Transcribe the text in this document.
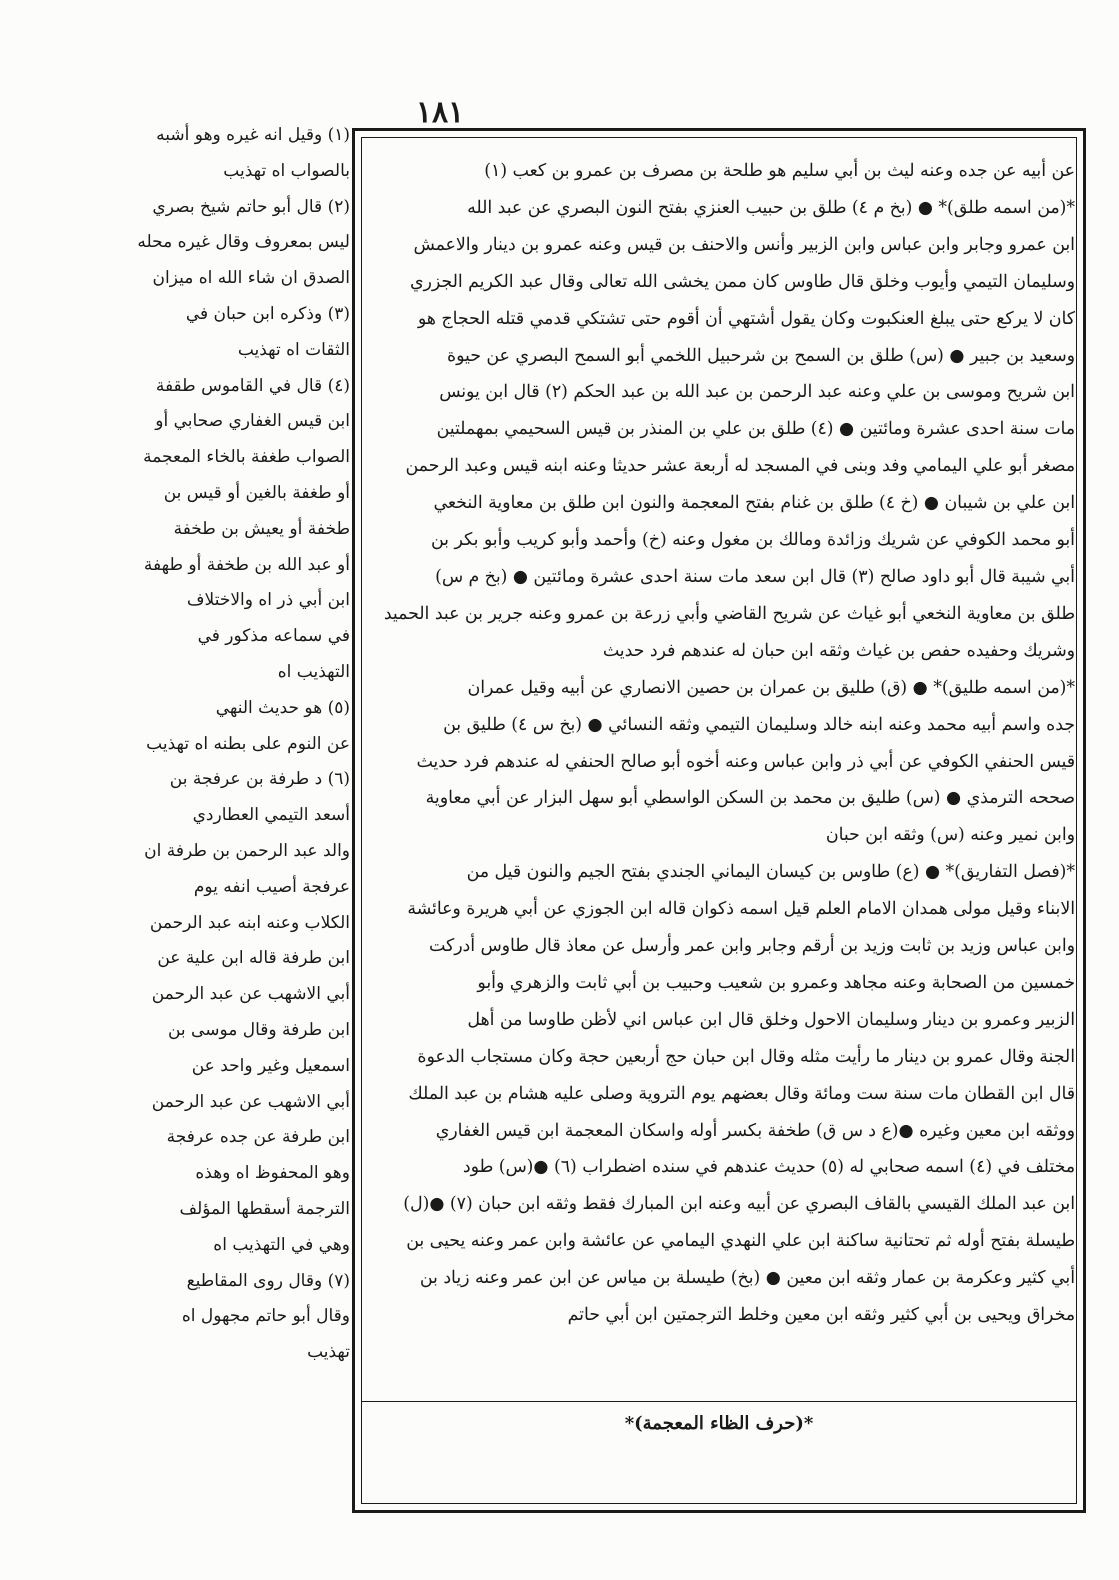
١٨١
عن أبيه عن جده وعنه ليث بن أبي سليم هو طلحة بن مصرف بن عمرو بن كعب (١)
*(من اسمه طلق)* ● (بخ م ٤) طلق بن حبيب العنزي بفتح النون البصري عن عبد الله
ابن عمرو وجابر وابن عباس وابن الزبير وأنس والاحنف بن قيس وعنه عمرو بن دينار والاعمش
وسليمان التيمي وأيوب وخلق قال طاوس كان ممن يخشى الله تعالى وقال عبد الكريم الجزري
كان لا يركع حتى يبلغ العنكبوت وكان يقول أشتهي أن أقوم حتى تشتكي قدمي قتله الحجاج هو
وسعيد بن جبير ● (س) طلق بن السمح بن شرحبيل اللخمي أبو السمح البصري عن حيوة
ابن شريح وموسى بن علي وعنه عبد الرحمن بن عبد الله بن عبد الحكم (٢) قال ابن يونس
مات سنة احدى عشرة ومائتين ● (٤) طلق بن علي بن المنذر بن قيس السحيمي بمهملتين
مصغر أبو علي اليمامي وفد وبنى في المسجد له أربعة عشر حديثا وعنه ابنه قيس وعبد الرحمن
ابن علي بن شيبان ● (خ ٤) طلق بن غنام بفتح المعجمة والنون ابن طلق بن معاوية النخعي
أبو محمد الكوفي عن شريك وزائدة ومالك بن مغول وعنه (خ) وأحمد وأبو كريب وأبو بكر بن
أبي شيبة قال أبو داود صالح (٣) قال ابن سعد مات سنة احدى عشرة ومائتين ● (بخ م س)
طلق بن معاوية النخعي أبو غياث عن شريح القاضي وأبي زرعة بن عمرو وعنه جرير بن عبد الحميد
وشريك وحفيده حفص بن غياث وثقه ابن حبان له عندهم فرد حديث
*(من اسمه طليق)* ● (ق) طليق بن عمران بن حصين الانصاري عن أبيه وقيل عمران
جده واسم أبيه محمد وعنه ابنه خالد وسليمان التيمي وثقه النسائي ● (بخ س ٤) طليق بن
قيس الحنفي الكوفي عن أبي ذر وابن عباس وعنه أخوه أبو صالح الحنفي له عندهم فرد حديث
صححه الترمذي ● (س) طليق بن محمد بن السكن الواسطي أبو سهل البزار عن أبي معاوية
وابن نمير وعنه (س) وثقه ابن حبان
*(فصل التفاريق)* ● (ع) طاوس بن كيسان اليماني الجندي بفتح الجيم والنون قيل من
الابناء وقيل مولى همدان الامام العلم قيل اسمه ذكوان قاله ابن الجوزي عن أبي هريرة وعائشة
وابن عباس وزيد بن ثابت وزيد بن أرقم وجابر وابن عمر وأرسل عن معاذ قال طاوس أدركت
خمسين من الصحابة وعنه مجاهد وعمرو بن شعيب وحبيب بن أبي ثابت والزهري وأبو
الزبير وعمرو بن دينار وسليمان الاحول وخلق قال ابن عباس اني لأظن طاوسا من أهل
الجنة وقال عمرو بن دينار ما رأيت مثله وقال ابن حبان حج أربعين حجة وكان مستجاب الدعوة
قال ابن القطان مات سنة ست ومائة وقال بعضهم يوم التروية وصلى عليه هشام بن عبد الملك
ووثقه ابن معين وغيره ●(ع د س ق) طخفة بكسر أوله واسكان المعجمة ابن قيس الغفاري
مختلف في (٤) اسمه صحابي له (٥) حديث عندهم في سنده اضطراب (٦) ●(س) طود
ابن عبد الملك القيسي بالقاف البصري عن أبيه وعنه ابن المبارك فقط وثقه ابن حبان (٧) ●(ل)
طيسلة بفتح أوله ثم تحتانية ساكنة ابن علي النهدي اليمامي عن عائشة وابن عمر وعنه يحيى بن
أبي كثير وعكرمة بن عمار وثقه ابن معين ● (بخ) طيسلة بن مياس عن ابن عمر وعنه زياد بن
مخراق ويحيى بن أبي كثير وثقه ابن معين وخلط الترجمتين ابن أبي حاتم
*(حرف الظاء المعجمة)*
(١) وقيل انه غيره وهو أشبه
بالصواب اه تهذيب
(٢) قال أبو حاتم شيخ بصري
ليس بمعروف وقال غيره محله
الصدق ان شاء الله اه ميزان
(٣) وذكره ابن حبان في
الثقات اه تهذيب
(٤) قال في القاموس طقفة
ابن قيس الغفاري صحابي أو
الصواب طغفة بالخاء المعجمة
أو طغفة بالغين أو قيس بن
طخفة أو يعيش بن طخفة
أو عبد الله بن طخفة أو طهفة
ابن أبي ذر اه والاختلاف
في سماعه مذكور في
التهذيب اه
(٥) هو حديث النهي
عن النوم على بطنه اه تهذيب
(٦) د طرفة بن عرفجة بن
أسعد التيمي العطاردي
والد عبد الرحمن بن طرفة ان
عرفجة أصيب انفه يوم
الكلاب وعنه ابنه عبد الرحمن
ابن طرفة قاله ابن علية عن
أبي الاشهب عن عبد الرحمن
ابن طرفة وقال موسى بن
اسمعيل وغير واحد عن
أبي الاشهب عن عبد الرحمن
ابن طرفة عن جده عرفجة
وهو المحفوظ اه وهذه
الترجمة أسقطها المؤلف
وهي في التهذيب اه
(٧) وقال روى المقاطيع
وقال أبو حاتم مجهول اه
تهذيب
